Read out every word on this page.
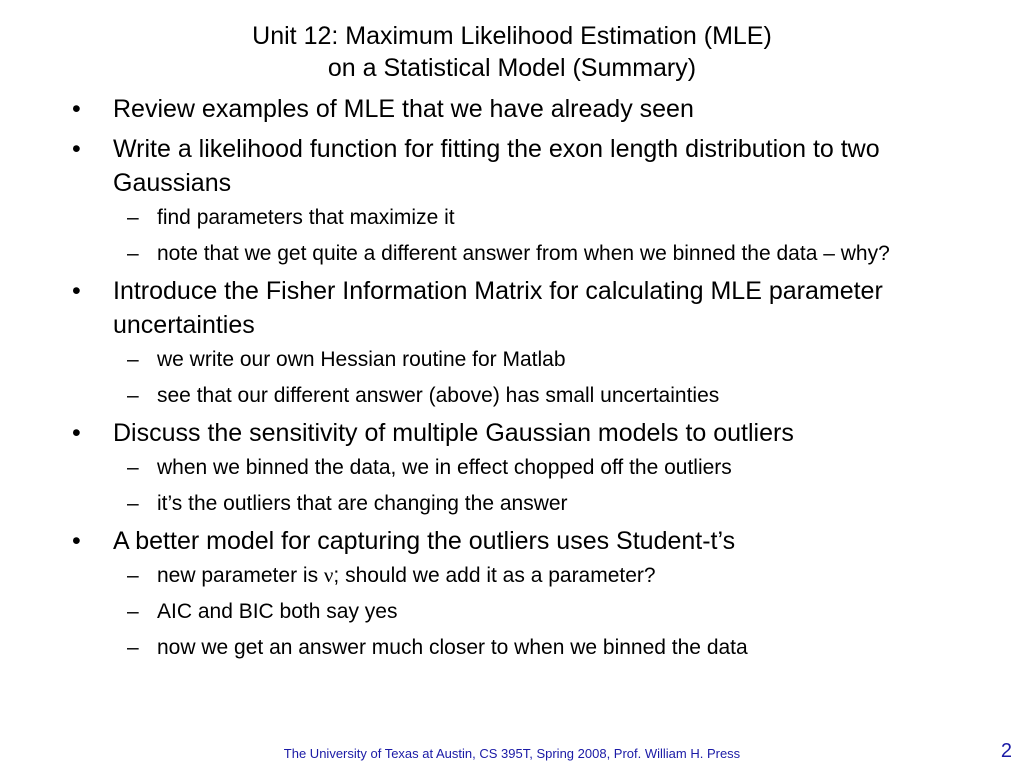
Unit 12: Maximum Likelihood Estimation (MLE)
on a Statistical Model (Summary)
•	Review examples of MLE that we have already seen
•	Write a likelihood function for fitting the exon length distribution to two Gaussians
– find parameters that maximize it
– note that we get quite a different answer from when we binned the data – why?
•	Introduce the Fisher Information Matrix for calculating MLE parameter uncertainties
– we write our own Hessian routine for Matlab
– see that our different answer (above) has small uncertainties
•	Discuss the sensitivity of multiple Gaussian models to outliers
– when we binned the data, we in effect chopped off the outliers
– it’s the outliers that are changing the answer
•	A better model for capturing the outliers uses Student-t’s
– new parameter is ν; should we add it as a parameter?
– AIC and BIC both say yes
– now we get an answer much closer to when we binned the data
The University of Texas at Austin, CS 395T, Spring 2008, Prof. William H. Press	2
